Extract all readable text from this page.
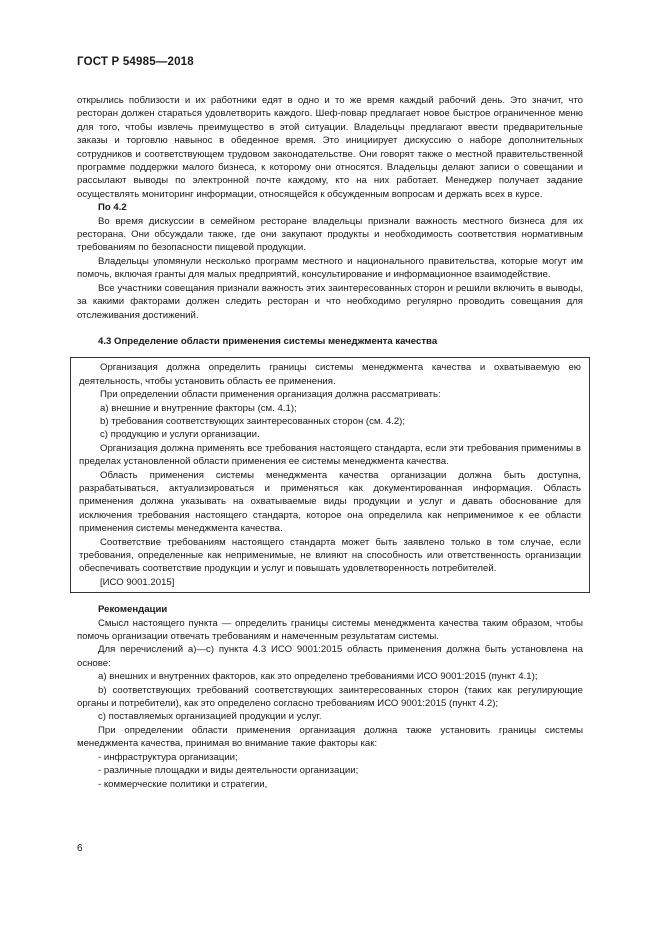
ГОСТ Р 54985—2018

открылись поблизости и их работники едят в одно и то же время каждый рабочий день. Это значит, что ресторан должен стараться удовлетворить каждого. Шеф-повар предлагает новое быстрое ограниченное меню для того, чтобы извлечь преимущество в этой ситуации. Владельцы предлагают ввести предварительные заказы и торговлю навынос в обеденное время. Это инициирует дискуссию о наборе дополнительных сотрудников и соответствующем трудовом законодательстве. Они говорят также о местной правительственной программе поддержки малого бизнеса, к которому они относятся. Владельцы делают записи о совещании и рассылают выводы по электронной почте каждому, кто на них работает. Менеджер получает задание осуществлять мониторинг информации, относящейся к обсужденным вопросам и держать всех в курсе.

По 4.2

Во время дискуссии в семейном ресторане владельцы признали важность местного бизнеса для их ресторана. Они обсуждали также, где они закупают продукты и необходимость соответствия нормативным требованиям по безопасности пищевой продукции.

Владельцы упомянули несколько программ местного и национального правительства, которые могут им помочь, включая гранты для малых предприятий, консультирование и информационное взаимодействие.

Все участники совещания признали важность этих заинтересованных сторон и решили включить в выводы, за какими факторами должен следить ресторан и что необходимо регулярно проводить совещания для отслеживания достижений.

4.3 Определение области применения системы менеджмента качества

Организация должна определить границы системы менеджмента качества и охватываемую ею деятельность, чтобы установить область ее применения.

При определении области применения организация должна рассматривать:

а) внешние и внутренние факторы (см. 4.1);

b) требования соответствующих заинтересованных сторон (см. 4.2);

с) продукцию и услуги организации.

Организация должна применять все требования настоящего стандарта, если эти требования применимы в пределах установленной области применения ее системы менеджмента качества.

Область применения системы менеджмента качества организации должна быть доступна, разрабатываться, актуализироваться и применяться как документированная информация. Область применения должна указывать на охватываемые виды продукции и услуг и давать обоснование для исключения требования настоящего стандарта, которое она определила как неприменимое к ее области применения системы менеджмента качества.

Соответствие требованиям настоящего стандарта может быть заявлено только в том случае, если требования, определенные как неприменимые, не влияют на способность или ответственность организации обеспечивать соответствие продукции и услуг и повышать удовлетворенность потребителей.

[ИСО 9001.2015]

Рекомендации

Смысл настоящего пункта — определить границы системы менеджмента качества таким образом, чтобы помочь организации отвечать требованиям и намеченным результатам системы.

Для перечислений а)—с) пункта 4.3 ИСО 9001:2015 область применения должна быть установлена на основе:

а) внешних и внутренних факторов, как это определено требованиями ИСО 9001:2015 (пункт 4.1);

b) соответствующих требований соответствующих заинтересованных сторон (таких как регулирующие органы и потребители), как это определено согласно требованиям ИСО 9001:2015 (пункт 4.2);

с) поставляемых организацией продукции и услуг.

При определении области применения организация должна также установить границы системы менеджмента качества, принимая во внимание такие факторы как:

- инфраструктура организации;
- различные площадки и виды деятельности организации;
- коммерческие политики и стратегии,
6
